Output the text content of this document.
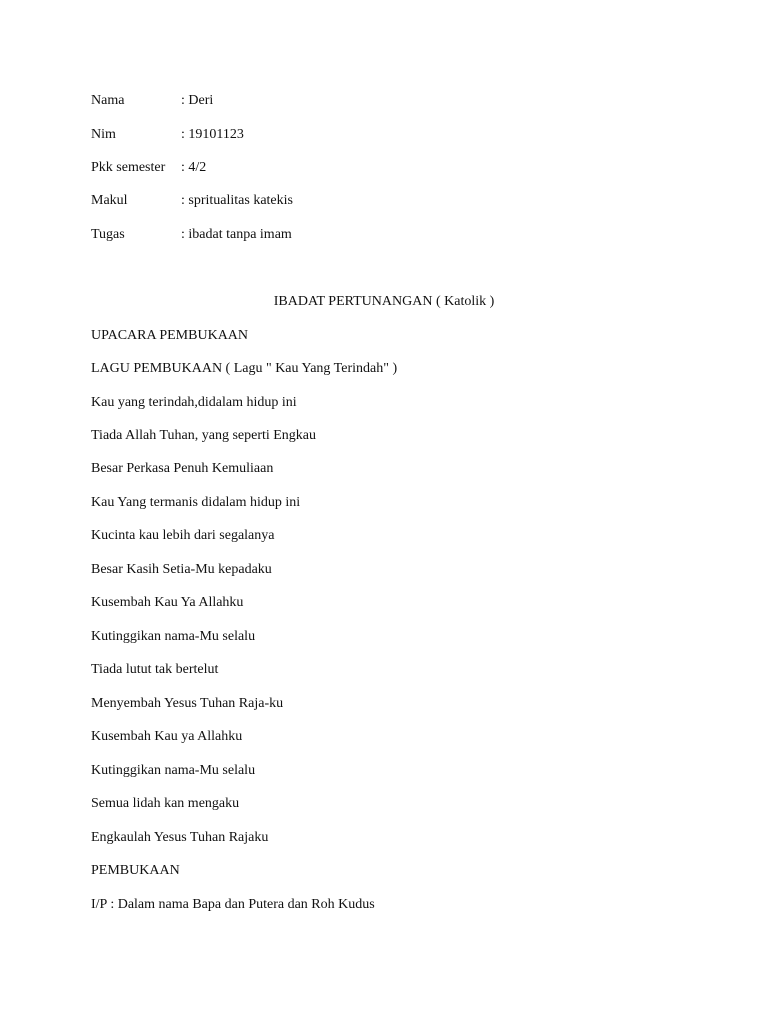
Nama	: Deri
Nim	: 19101123
Pkk semester : 4/2
Makul	: spritualitas katekis
Tugas	: ibadat tanpa imam
IBADAT PERTUNANGAN ( Katolik )
UPACARA PEMBUKAAN
LAGU PEMBUKAAN ( Lagu " Kau Yang Terindah" )
Kau yang terindah,didalam hidup ini
Tiada Allah Tuhan, yang seperti Engkau
Besar Perkasa Penuh Kemuliaan
Kau Yang termanis didalam hidup ini
Kucinta kau lebih dari segalanya
Besar Kasih Setia-Mu kepadaku
Kusembah Kau Ya Allahku
Kutinggikan nama-Mu selalu
Tiada lutut tak bertelut
Menyembah Yesus Tuhan Raja-ku
Kusembah Kau ya Allahku
Kutinggikan nama-Mu selalu
Semua lidah kan mengaku
Engkaulah Yesus Tuhan Rajaku
PEMBUKAAN
I/P : Dalam nama Bapa dan Putera dan Roh Kudus
